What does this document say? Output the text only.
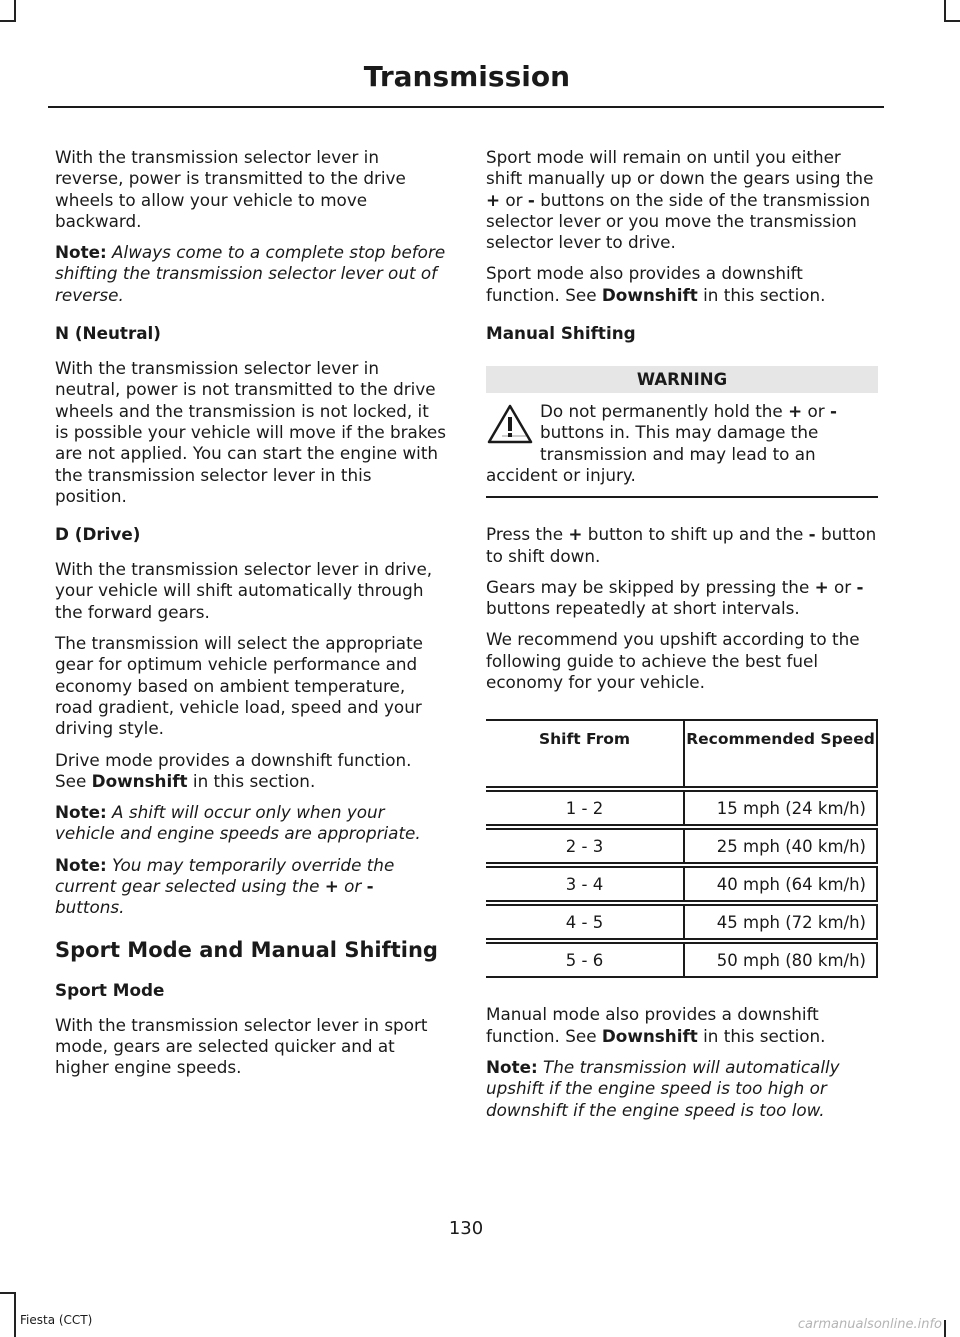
Transmission

With the transmission selector lever in reverse, power is transmitted to the drive wheels to allow your vehicle to move backward.

Note: Always come to a complete stop before shifting the transmission selector lever out of reverse.

N (Neutral)

With the transmission selector lever in neutral, power is not transmitted to the drive wheels and the transmission is not locked, it is possible your vehicle will move if the brakes are not applied. You can start the engine with the transmission selector lever in this position.

D (Drive)

With the transmission selector lever in drive, your vehicle will shift automatically through the forward gears.

The transmission will select the appropriate gear for optimum vehicle performance and economy based on ambient temperature, road gradient, vehicle load, speed and your driving style.

Drive mode provides a downshift function. See Downshift in this section.

Note: A shift will occur only when your vehicle and engine speeds are appropriate.

Note: You may temporarily override the current gear selected using the + or - buttons.

Sport Mode and Manual Shifting
Sport Mode

With the transmission selector lever in sport mode, gears are selected quicker and at higher engine speeds.

Sport mode will remain on until you either shift manually up or down the gears using the + or - buttons on the side of the transmission selector lever or you move the transmission selector lever to drive.

Sport mode also provides a downshift function. See Downshift in this section.

Manual Shifting
WARNING
Do not permanently hold the + or - buttons in. This may damage the transmission and may lead to an
accident or injury.

Press the + button to shift up and the - button to shift down.

Gears may be skipped by pressing the + or - buttons repeatedly at short intervals.

We recommend you upshift according to the following guide to achieve the best fuel economy for your vehicle.

Shift From	Recommended Speed

1 - 2	15 mph (24 km/h)

2 - 3	25 mph (40 km/h)

3 - 4	40 mph (64 km/h)

4 - 5	45 mph (72 km/h)

5 - 6	50 mph (80 km/h)

Manual mode also provides a downshift function. See Downshift in this section.

Note: The transmission will automatically upshift if the engine speed is too high or downshift if the engine speed is too low.

130
Fiesta (CCT)	carmanualsonline.info
